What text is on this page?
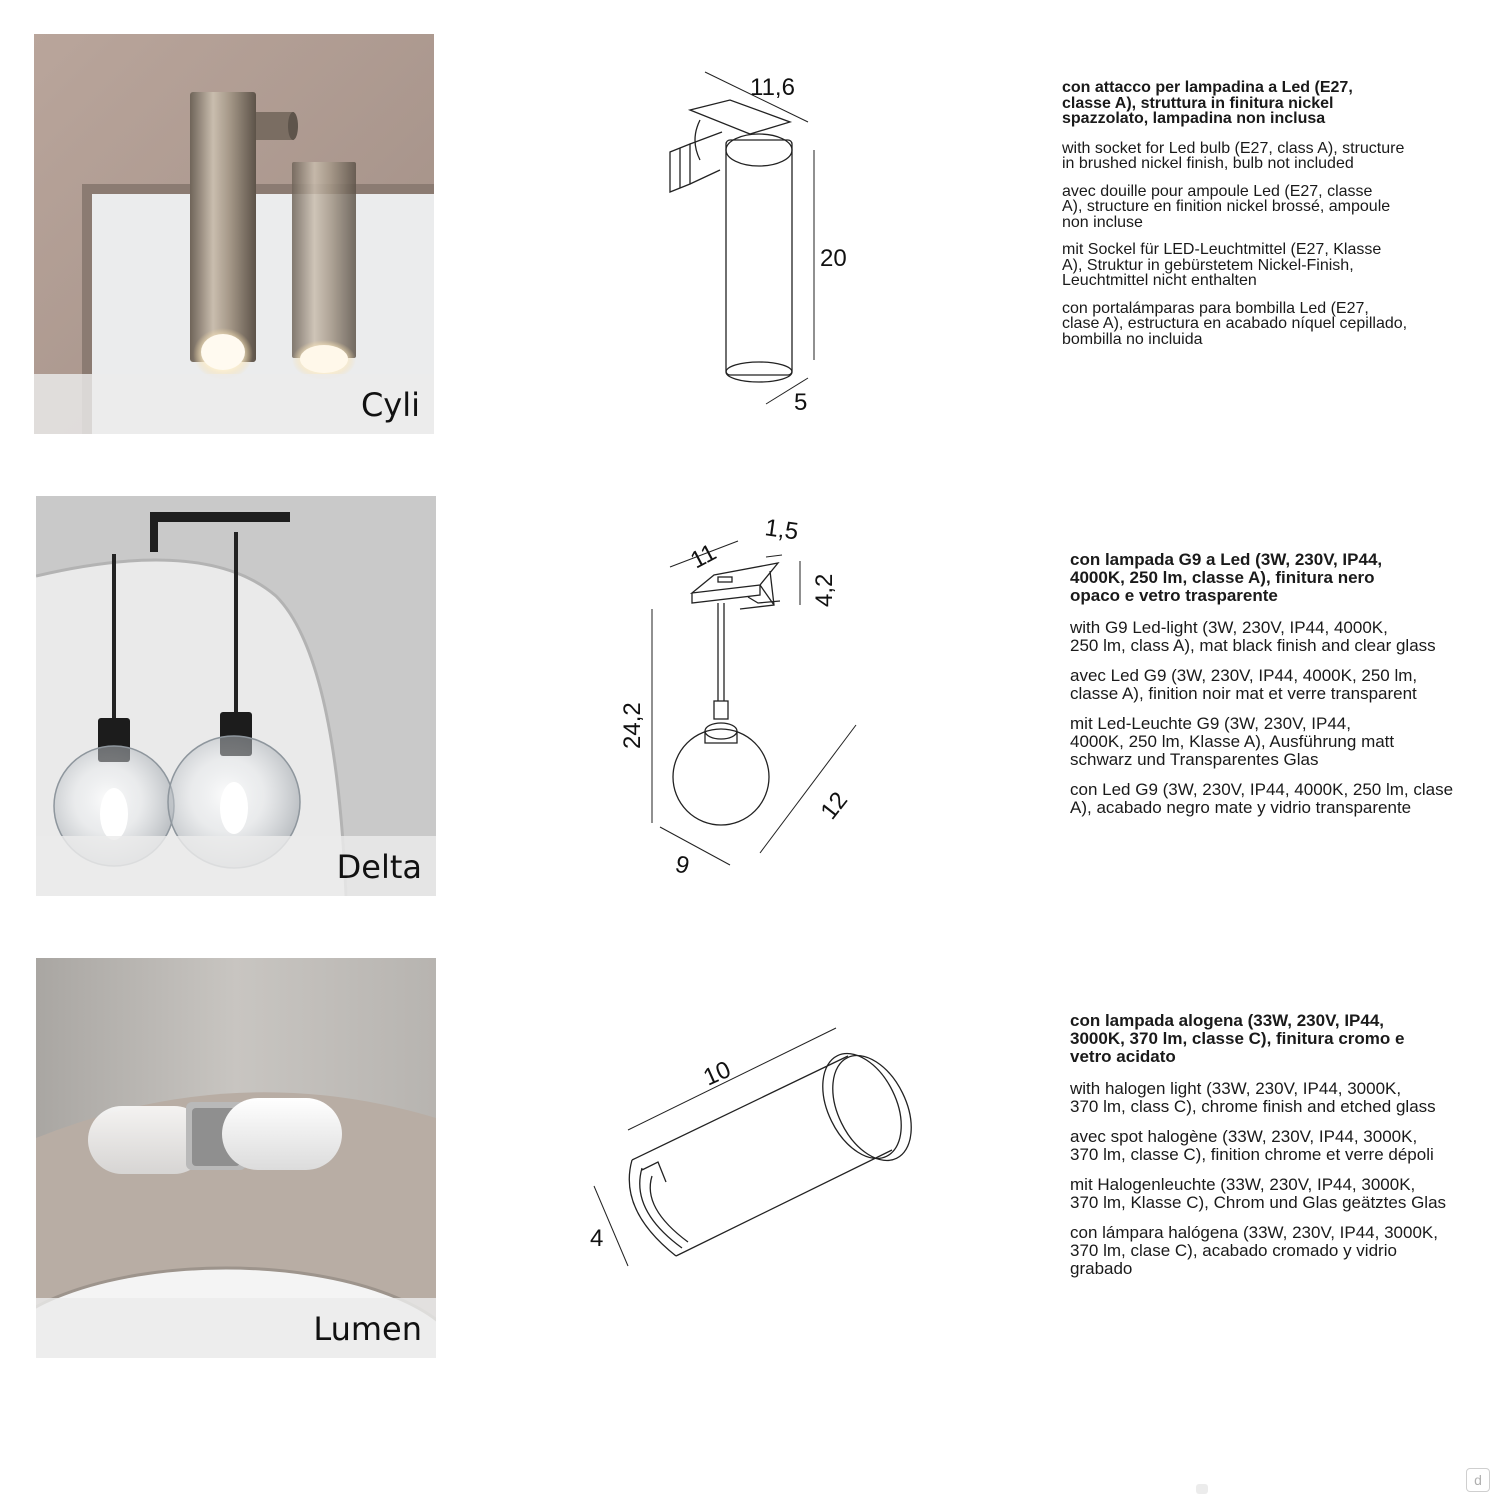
Cyli
11,6
20
5
con attacco per lampadina a Led (E27,
classe A), struttura in finitura nickel
spazzolato, lampadina non inclusa

with socket for Led bulb (E27, class A), structure
in brushed nickel finish, bulb not included

avec douille pour ampoule Led (E27, classe
A), structure en finition nickel brossé, ampoule
non incluse

mit Sockel für LED-Leuchtmittel (E27, Klasse
A), Struktur in gebürstetem Nickel-Finish,
Leuchtmittel nicht enthalten

con portalámparas para bombilla Led (E27,
clase A), estructura en acabado níquel cepillado,
bombilla no incluida

Delta
11
1,5
4,2
24,2
12
9
con lampada G9 a Led (3W, 230V, IP44,
4000K, 250 lm, classe A), finitura nero
opaco e vetro trasparente

with G9 Led-light (3W, 230V, IP44, 4000K,
250 lm, class A), mat black finish and clear glass

avec Led G9 (3W, 230V, IP44, 4000K, 250 lm,
classe A), finition noir mat et verre transparent

mit Led-Leuchte G9 (3W, 230V, IP44,
4000K, 250 lm, Klasse A), Ausführung matt
schwarz und Transparentes Glas

con Led G9 (3W, 230V, IP44, 4000K, 250 lm, clase
A), acabado negro mate y vidrio transparente

Lumen
10
4
con lampada alogena (33W, 230V, IP44,
3000K, 370 lm, classe C), finitura cromo e
vetro acidato

with halogen light (33W, 230V, IP44, 3000K,
370 lm, class C), chrome finish and etched glass

avec spot halogène (33W, 230V, IP44, 3000K,
370 lm, classe C), finition chrome et verre dépoli

mit Halogenleuchte (33W, 230V, IP44, 3000K,
370 lm, Klasse C), Chrom und Glas geätztes Glas

con lámpara halógena (33W, 230V, IP44, 3000K,
370 lm, clase C), acabado cromado y vidrio
grabado

d
